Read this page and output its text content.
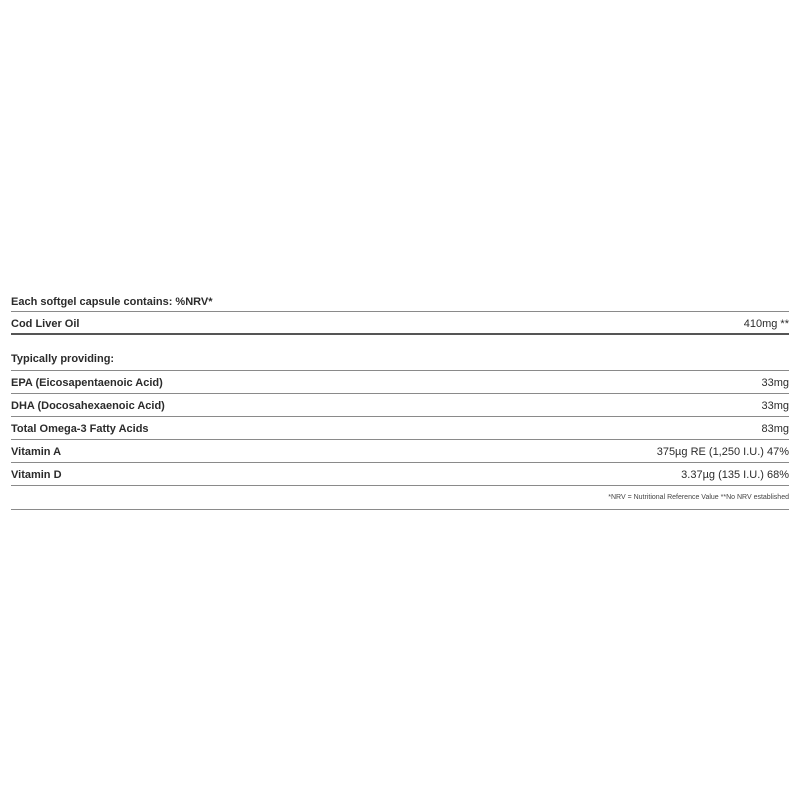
Each softgel capsule contains: %NRV*
Cod Liver Oil	410mg **
Typically providing:
EPA (Eicosapentaenoic Acid)	33mg
DHA (Docosahexaenoic Acid)	33mg
Total Omega-3 Fatty Acids	83mg
Vitamin A	375µg RE (1,250 I.U.) 47%
Vitamin D	3.37µg (135 I.U.) 68%
*NRV = Nutritional Reference Value **No NRV established
